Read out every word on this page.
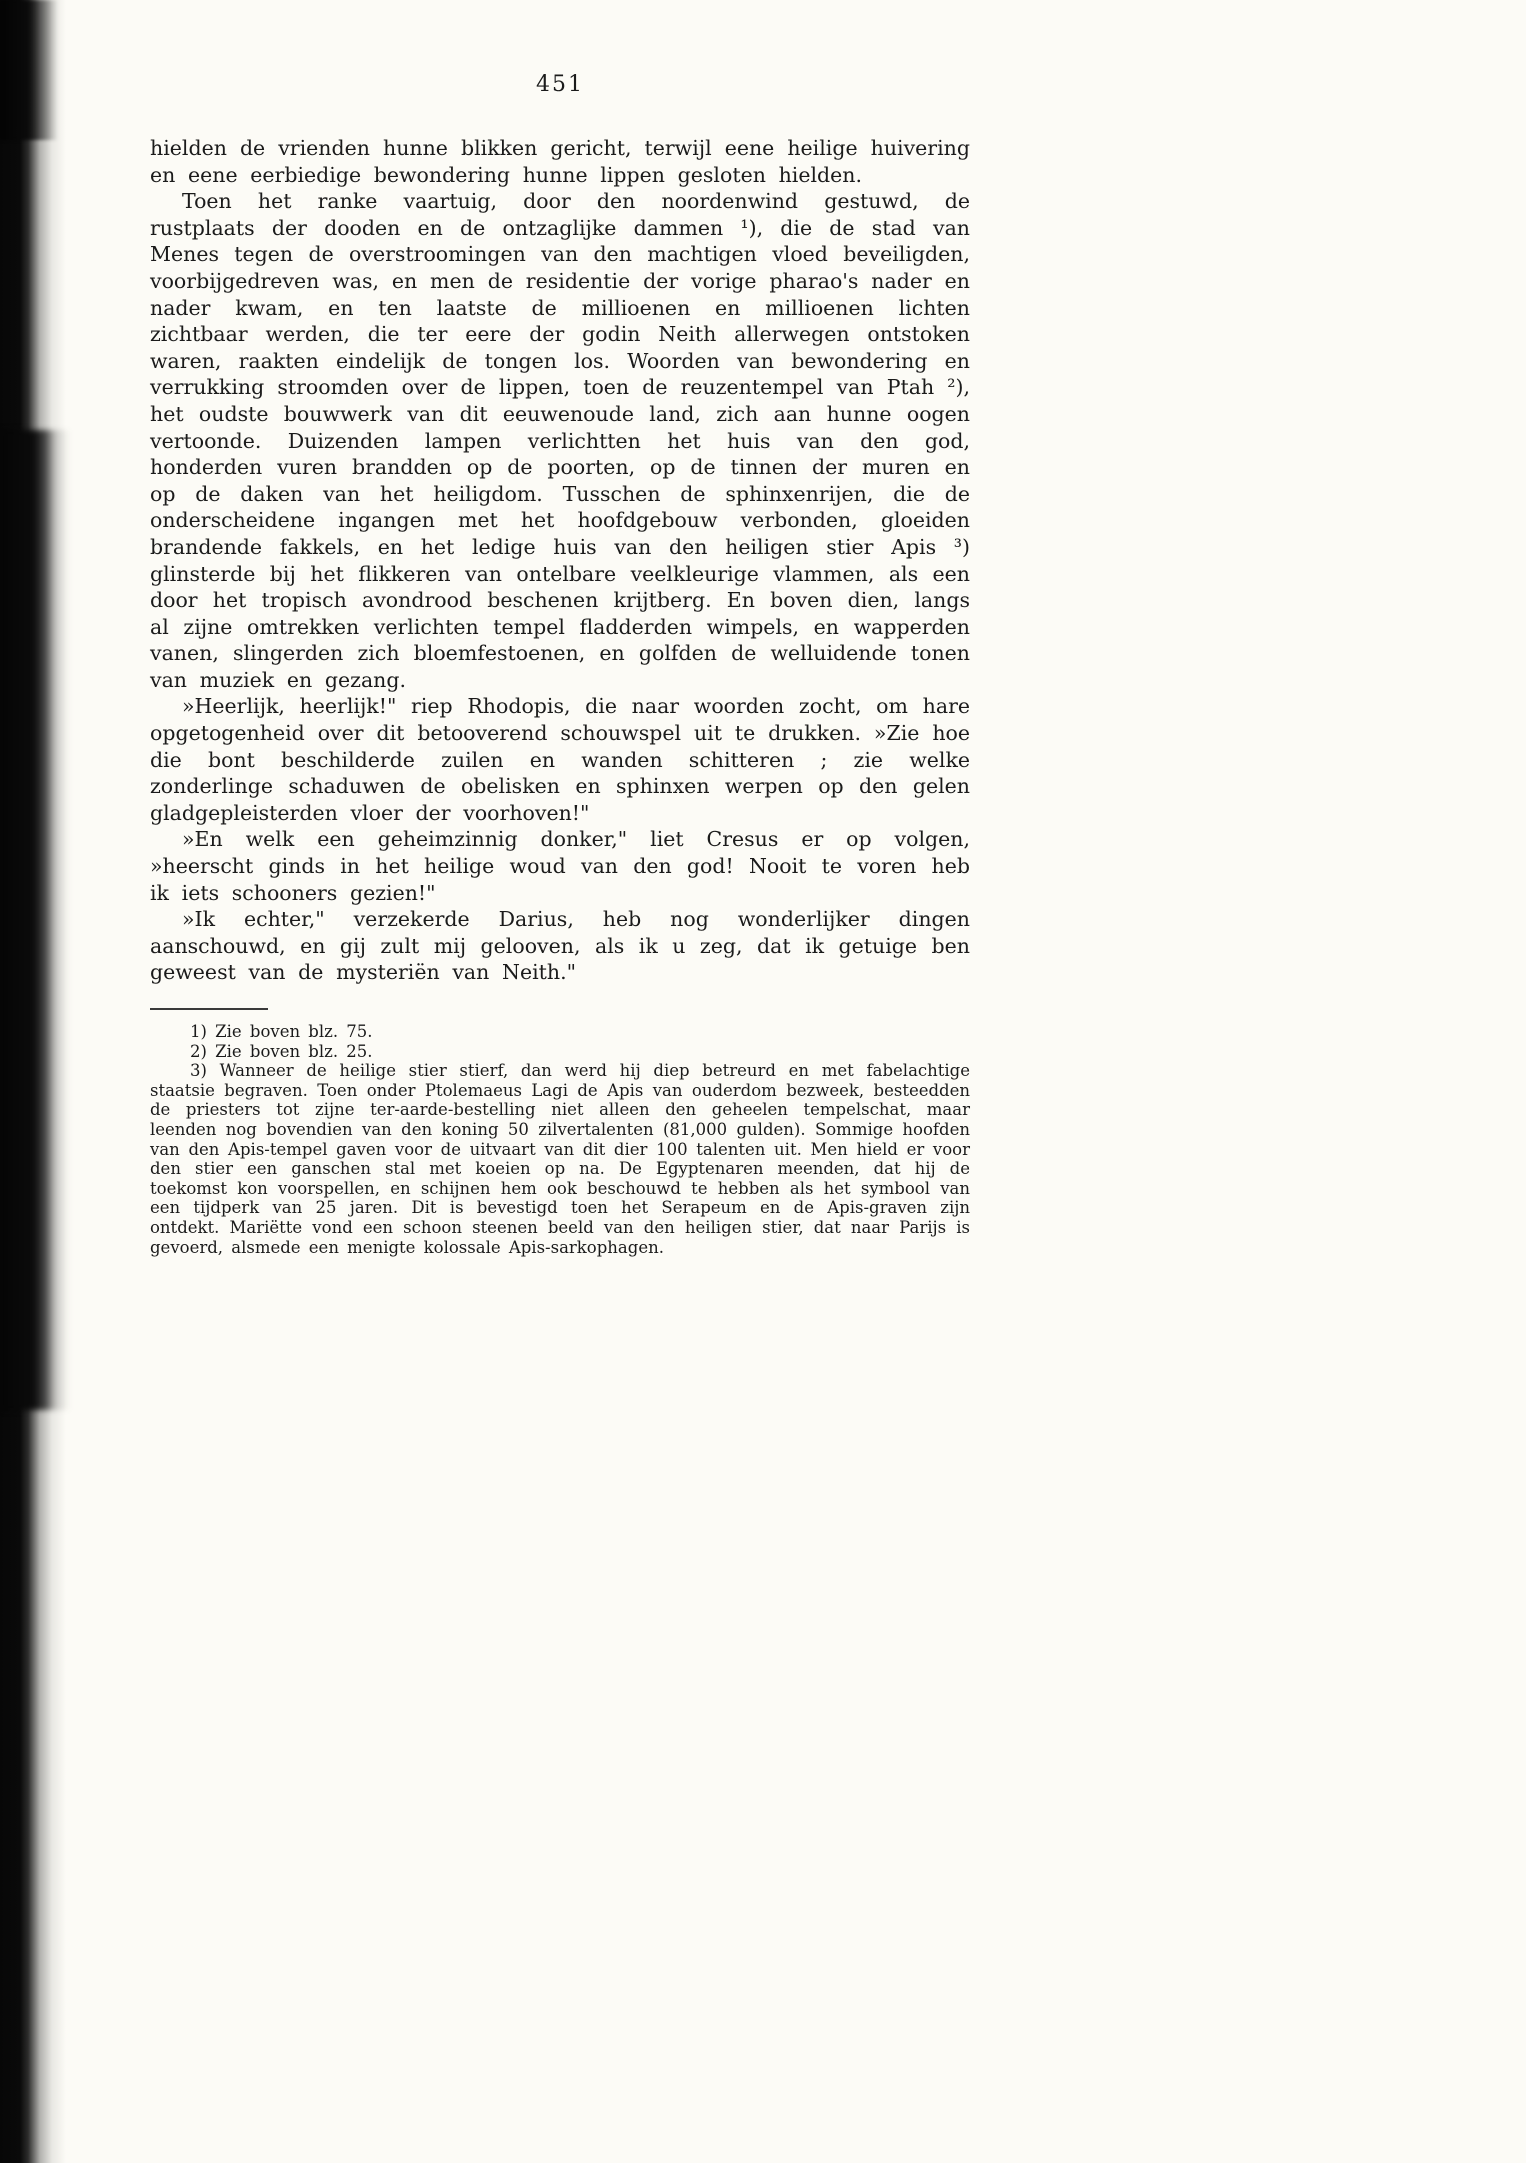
451

hielden de vrienden hunne blikken gericht, terwijl eene heilige huivering en eene eerbiedige bewondering hunne lippen gesloten hielden.

Toen het ranke vaartuig, door den noordenwind gestuwd, de rustplaats der dooden en de ontzaglijke dammen ¹), die de stad van Menes tegen de overstroomingen van den machtigen vloed beveiligden, voorbijgedreven was, en men de residentie der vorige pharao's nader en nader kwam, en ten laatste de millioenen en millioenen lichten zichtbaar werden, die ter eere der godin Neith allerwegen ontstoken waren, raakten eindelijk de tongen los. Woorden van bewondering en verrukking stroomden over de lippen, toen de reuzentempel van Ptah ²), het oudste bouwwerk van dit eeuwenoude land, zich aan hunne oogen vertoonde. Duizenden lampen verlichtten het huis van den god, honderden vuren brandden op de poorten, op de tinnen der muren en op de daken van het heiligdom. Tusschen de sphinxenrijen, die de onderscheidene ingangen met het hoofdgebouw verbonden, gloeiden brandende fakkels, en het ledige huis van den heiligen stier Apis ³) glinsterde bij het flikkeren van ontelbare veelkleurige vlammen, als een door het tropisch avondrood beschenen krijtberg. En boven dien, langs al zijne omtrekken verlichten tempel fladderden wimpels, en wapperden vanen, slingerden zich bloemfestoenen, en golfden de welluidende tonen van muziek en gezang.

»Heerlijk, heerlijk!" riep Rhodopis, die naar woorden zocht, om hare opgetogenheid over dit betooverend schouwspel uit te drukken. »Zie hoe die bont beschilderde zuilen en wanden schitteren ; zie welke zonderlinge schaduwen de obelisken en sphinxen werpen op den gelen gladgepleisterden vloer der voorhoven!"

»En welk een geheimzinnig donker," liet Cresus er op volgen, »heerscht ginds in het heilige woud van den god! Nooit te voren heb ik iets schooners gezien!"

»Ik echter," verzekerde Darius, heb nog wonderlijker dingen aanschouwd, en gij zult mij gelooven, als ik u zeg, dat ik getuige ben geweest van de mysteriën van Neith."

1) Zie boven blz. 75.

2) Zie boven blz. 25.

3) Wanneer de heilige stier stierf, dan werd hij diep betreurd en met fabelachtige staatsie begraven. Toen onder Ptolemaeus Lagi de Apis van ouderdom bezweek, besteedden de priesters tot zijne ter-aarde-bestelling niet alleen den geheelen tempelschat, maar leenden nog bovendien van den koning 50 zilvertalenten (81,000 gulden). Sommige hoofden van den Apis-tempel gaven voor de uitvaart van dit dier 100 talenten uit. Men hield er voor den stier een ganschen stal met koeien op na. De Egyptenaren meenden, dat hij de toekomst kon voorspellen, en schijnen hem ook beschouwd te hebben als het symbool van een tijdperk van 25 jaren. Dit is bevestigd toen het Serapeum en de Apis-graven zijn ontdekt. Mariëtte vond een schoon steenen beeld van den heiligen stier, dat naar Parijs is gevoerd, alsmede een menigte kolossale Apis-sarkophagen.
